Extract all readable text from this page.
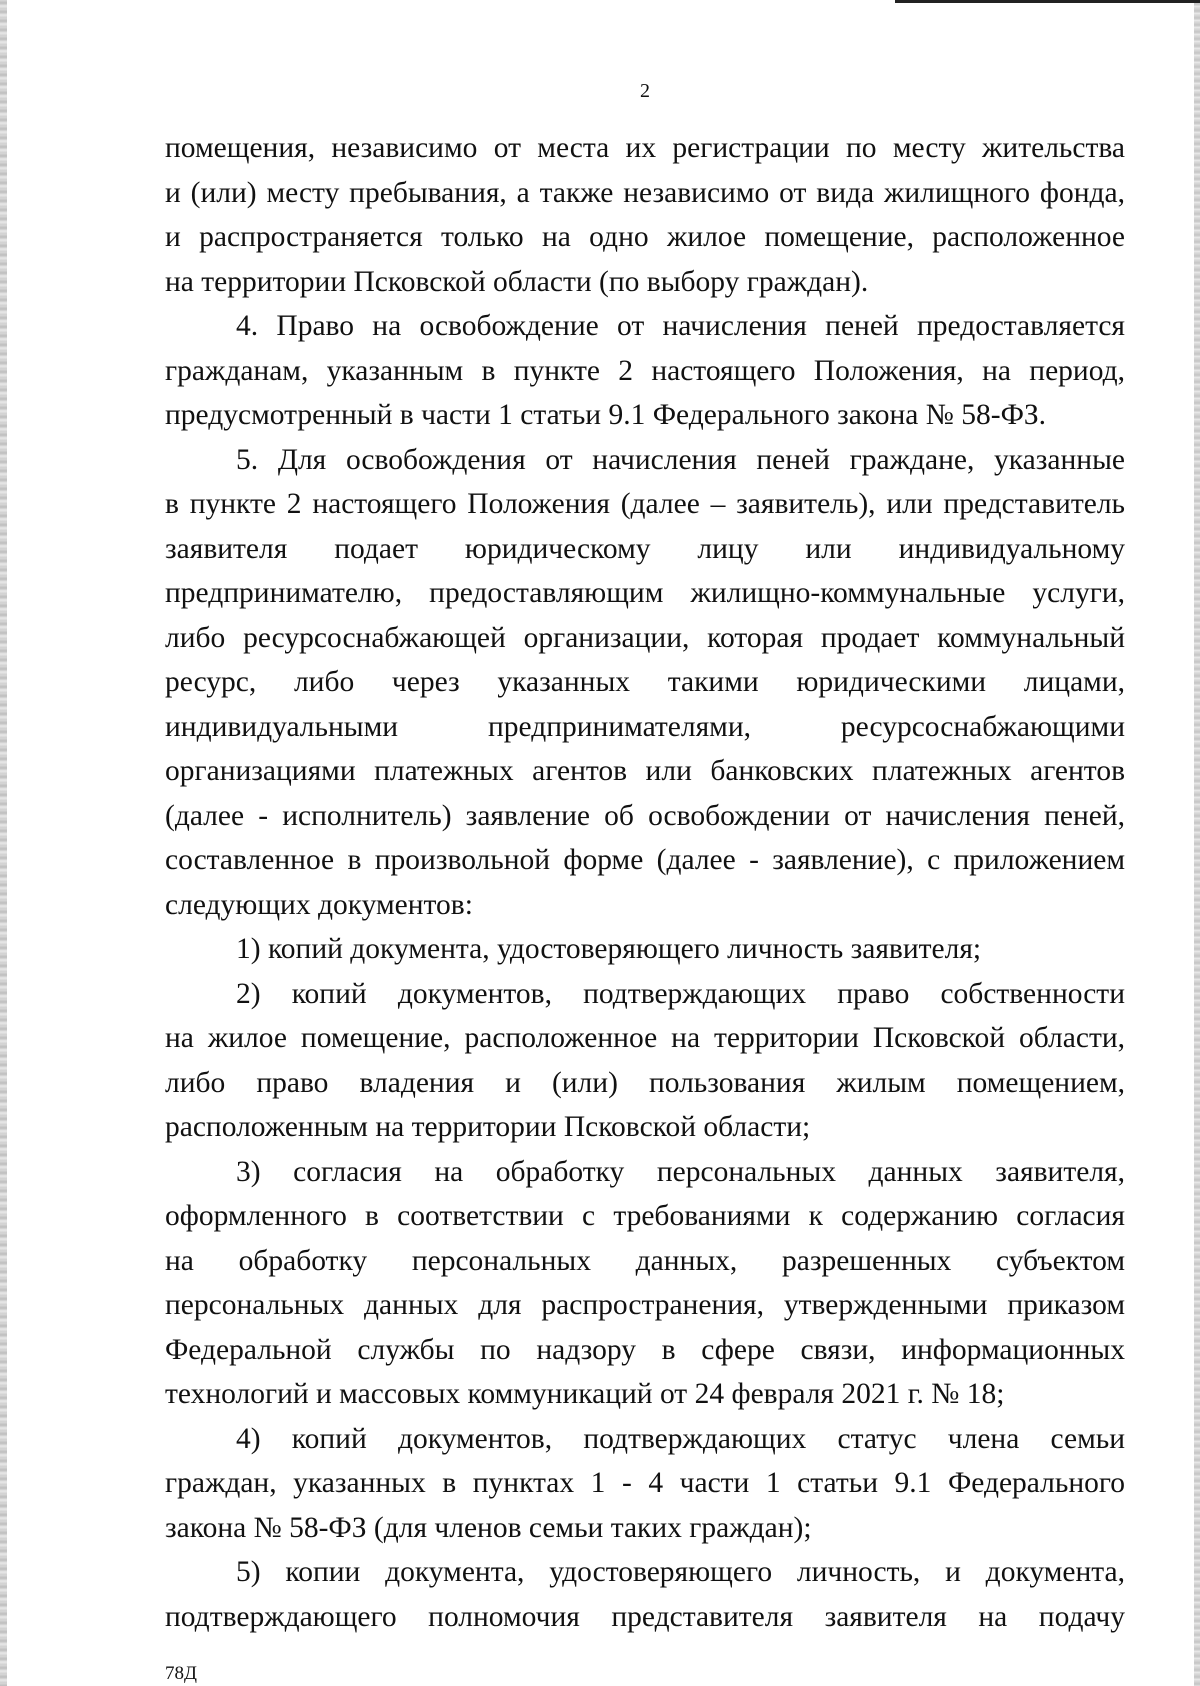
2
помещения, независимо от места их регистрации по месту жительства
и (или) месту пребывания, а также независимо от вида жилищного фонда,
и распространяется только на одно жилое помещение, расположенное
на территории Псковской области (по выбору граждан).
4. Право на освобождение от начисления пеней предоставляется
гражданам, указанным в пункте 2 настоящего Положения, на период,
предусмотренный в части 1 статьи 9.1 Федерального закона № 58-ФЗ.
5. Для освобождения от начисления пеней граждане, указанные
в пункте 2 настоящего Положения (далее – заявитель), или представитель
заявителя подает юридическому лицу или индивидуальному
предпринимателю, предоставляющим жилищно-коммунальные услуги,
либо ресурсоснабжающей организации, которая продает коммунальный
ресурс, либо через указанных такими юридическими лицами,
индивидуальными предпринимателями, ресурсоснабжающими
организациями платежных агентов или банковских платежных агентов
(далее - исполнитель) заявление об освобождении от начисления пеней,
составленное в произвольной форме (далее - заявление), с приложением
следующих документов:
1) копий документа, удостоверяющего личность заявителя;
2) копий документов, подтверждающих право собственности
на жилое помещение, расположенное на территории Псковской области,
либо право владения и (или) пользования жилым помещением,
расположенным на территории Псковской области;
3) согласия на обработку персональных данных заявителя,
оформленного в соответствии с требованиями к содержанию согласия
на обработку персональных данных, разрешенных субъектом
персональных данных для распространения, утвержденными приказом
Федеральной службы по надзору в сфере связи, информационных
технологий и массовых коммуникаций от 24 февраля 2021 г. № 18;
4) копий документов, подтверждающих статус члена семьи
граждан, указанных в пунктах 1 - 4 части 1 статьи 9.1 Федерального
закона № 58-ФЗ (для членов семьи таких граждан);
5) копии документа, удостоверяющего личность, и документа,
подтверждающего полномочия представителя заявителя на подачу
78Д
